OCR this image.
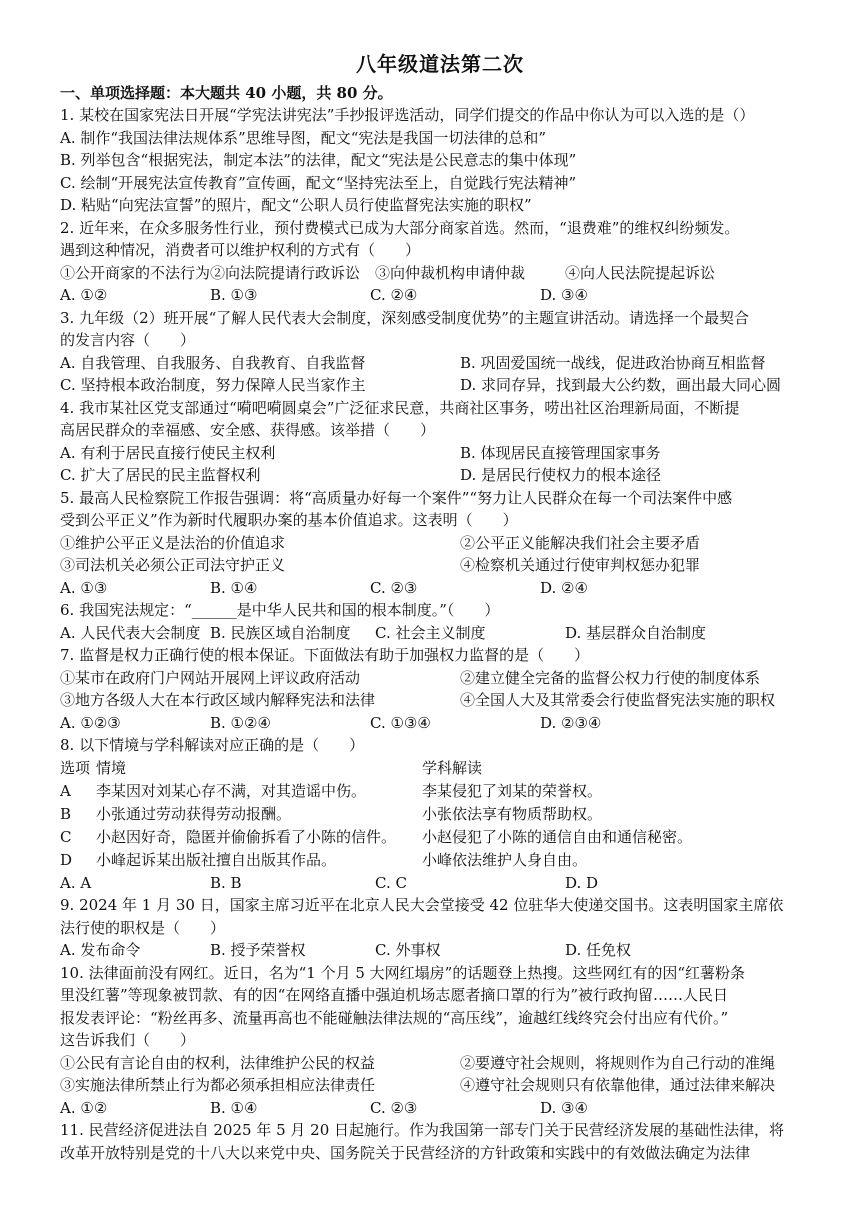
八年级道法第二次
一、单项选择题：本大题共 40 小题，共 80 分。
1. 某校在国家宪法日开展“学宪法讲宪法”手抄报评选活动，同学们提交的作品中你认为可以入选的是（）
A. 制作“我国法律法规体系”思维导图，配文“宪法是我国一切法律的总和”
B. 列举包含“根据宪法，制定本法”的法律，配文“宪法是公民意志的集中体现”
C. 绘制“开展宪法宣传教育”宣传画，配文“坚持宪法至上，自觉践行宪法精神”
D. 粘贴“向宪法宣誓”的照片，配文“公职人员行使监督宪法实施的职权”
2. 近年来，在众多服务性行业，预付费模式已成为大部分商家首选。然而，“退费难”的维权纠纷频发。
遇到这种情况，消费者可以维护权利的方式有（　　）
①公开商家的不法行为 ②向法院提请行政诉讼 ③向仲裁机构申请仲裁	④向人民法院提起诉讼
A. ①②	B. ①③	C. ②④	D. ③④
3. 九年级（2）班开展“了解人民代表大会制度，深刻感受制度优势”的主题宣讲活动。请选择一个最契合
的发言内容（　　）
A. 自我管理、自我服务、自我教育、自我监督	B. 巩固爱国统一战线，促进政治协商互相监督
C. 坚持根本政治制度，努力保障人民当家作主	D. 求同存异，找到最大公约数，画出最大同心圆
4. 我市某社区党支部通过“嗬吧嗬圆桌会”广泛征求民意，共商社区事务，唠出社区治理新局面，不断提
高居民群众的幸福感、安全感、获得感。该举措（　　）
A. 有利于居民直接行使民主权利	B. 体现居民直接管理国家事务
C. 扩大了居民的民主监督权利	D. 是居民行使权力的根本途径
5. 最高人民检察院工作报告强调：将“高质量办好每一个案件”“努力让人民群众在每一个司法案件中感
受到公平正义”作为新时代履职办案的基本价值追求。这表明（　　）
①维护公平正义是法治的价值追求	②公平正义能解决我们社会主要矛盾
③司法机关必须公正司法守护正义	④检察机关通过行使审判权惩办犯罪
A. ①③	B. ①④	C. ②③	D. ②④
6. 我国宪法规定：“______是中华人民共和国的根本制度。”（　　）
A. 人民代表大会制度 B. 民族区域自治制度	C. 社会主义制度	D. 基层群众自治制度
7. 监督是权力正确行使的根本保证。下面做法有助于加强权力监督的是（　　）
①某市在政府门户网站开展网上评议政府活动	②建立健全完备的监督公权力行使的制度体系
③地方各级人大在本行政区域内解释宪法和法律	④全国人大及其常委会行使监督宪法实施的职权
A. ①②③	B. ①②④	C. ①③④	D. ②③④
8. 以下情境与学科解读对应正确的是（　　）
选项 情境	学科解读
A	李某因对刘某心存不满，对其造谣中伤。	李某侵犯了刘某的荣誉权。
B	小张通过劳动获得劳动报酬。	小张依法享有物质帮助权。
C	小赵因好奇，隐匿并偷偷拆看了小陈的信件。	小赵侵犯了小陈的通信自由和通信秘密。
D	小峰起诉某出版社擅自出版其作品。	小峰依法维护人身自由。
A. A	B. B	C. C	D. D
9. 2024 年 1 月 30 日，国家主席习近平在北京人民大会堂接受 42 位驻华大使递交国书。这表明国家主席依
法行使的职权是（　　）
A. 发布命令	B. 授予荣誉权	C. 外事权	D. 任免权
10. 法律面前没有网红。近日，名为“1 个月 5 大网红塌房”的话题登上热搜。这些网红有的因“红薯粉条
里没红薯”等现象被罚款、有的因“在网络直播中强迫机场志愿者摘口罩的行为”被行政拘留……人民日
报发表评论：“粉丝再多、流量再高也不能碰触法律法规的“高压线”，逾越红线终究会付出应有代价。”
这告诉我们（　　）
①公民有言论自由的权利，法律维护公民的权益	②要遵守社会规则，将规则作为自己行动的准绳
③实施法律所禁止行为都必须承担相应法律责任	④遵守社会规则只有依靠他律，通过法律来解决
A. ①②	B. ①④	C. ②③	D. ③④
11. 民营经济促进法自 2025 年 5 月 20 日起施行。作为我国第一部专门关于民营经济发展的基础性法律，将
改革开放特别是党的十八大以来党中央、国务院关于民营经济的方针政策和实践中的有效做法确定为法律
